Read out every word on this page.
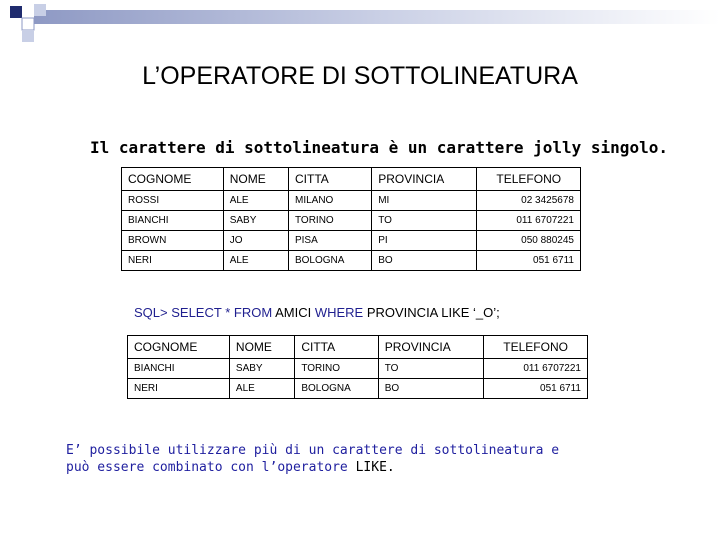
L’OPERATORE DI SOTTOLINEATURA
Il carattere di sottolineatura è un carattere jolly singolo.
COGNOME	NOME	CITTA	PROVINCIA	TELEFONO
ROSSI	ALE	MILANO	MI	02 3425678
BIANCHI	SABY	TORINO	TO	011 6707221
BROWN	JO	PISA	PI	050 880245
NERI	ALE	BOLOGNA	BO	051 6711
SQL> SELECT * FROM AMICI WHERE PROVINCIA LIKE ‘_O’;
COGNOME	NOME	CITTA	PROVINCIA	TELEFONO
BIANCHI	SABY	TORINO	TO	011 6707221
NERI	ALE	BOLOGNA	BO	051 6711
E’ possibile utilizzare più di un carattere di sottolineatura e può essere combinato con l’operatore LIKE.
